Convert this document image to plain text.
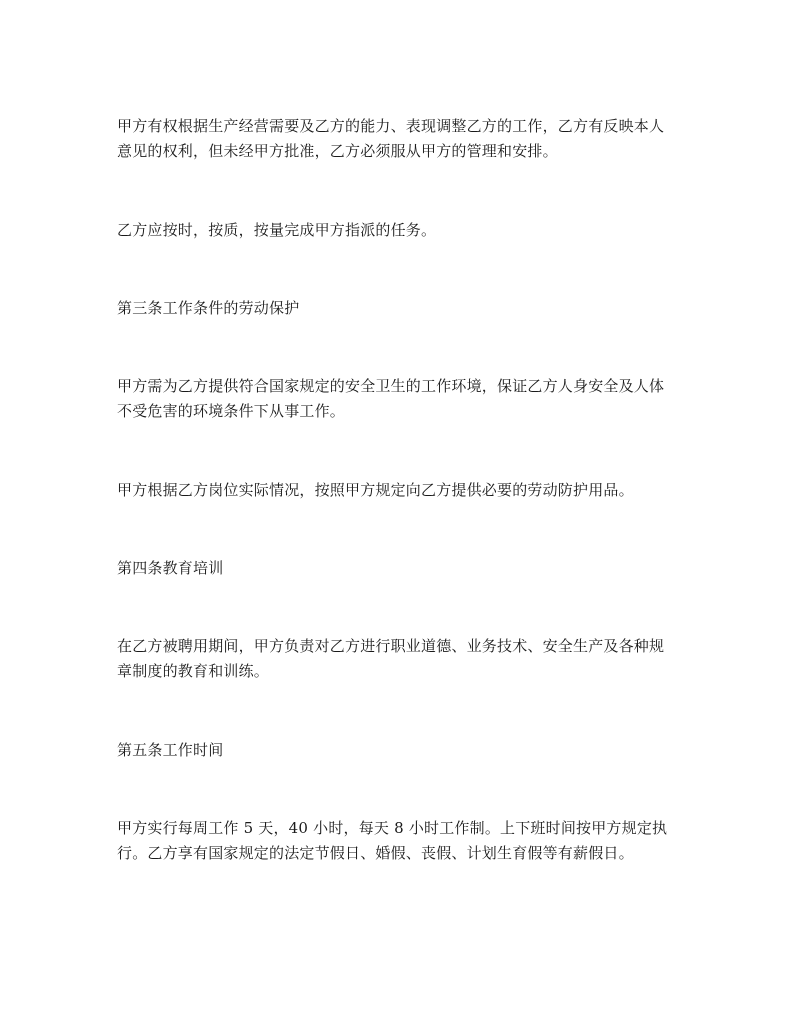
甲方有权根据生产经营需要及乙方的能力、表现调整乙方的工作，乙方有反映本人
意见的权利，但未经甲方批准，乙方必须服从甲方的管理和安排。

乙方应按时，按质，按量完成甲方指派的任务。

第三条工作条件的劳动保护

甲方需为乙方提供符合国家规定的安全卫生的工作环境，保证乙方人身安全及人体
不受危害的环境条件下从事工作。

甲方根据乙方岗位实际情况，按照甲方规定向乙方提供必要的劳动防护用品。

第四条教育培训

在乙方被聘用期间，甲方负责对乙方进行职业道德、业务技术、安全生产及各种规
章制度的教育和训练。

第五条工作时间

甲方实行每周工作 5 天，40 小时，每天 8 小时工作制。上下班时间按甲方规定执
行。乙方享有国家规定的法定节假日、婚假、丧假、计划生育假等有薪假日。
